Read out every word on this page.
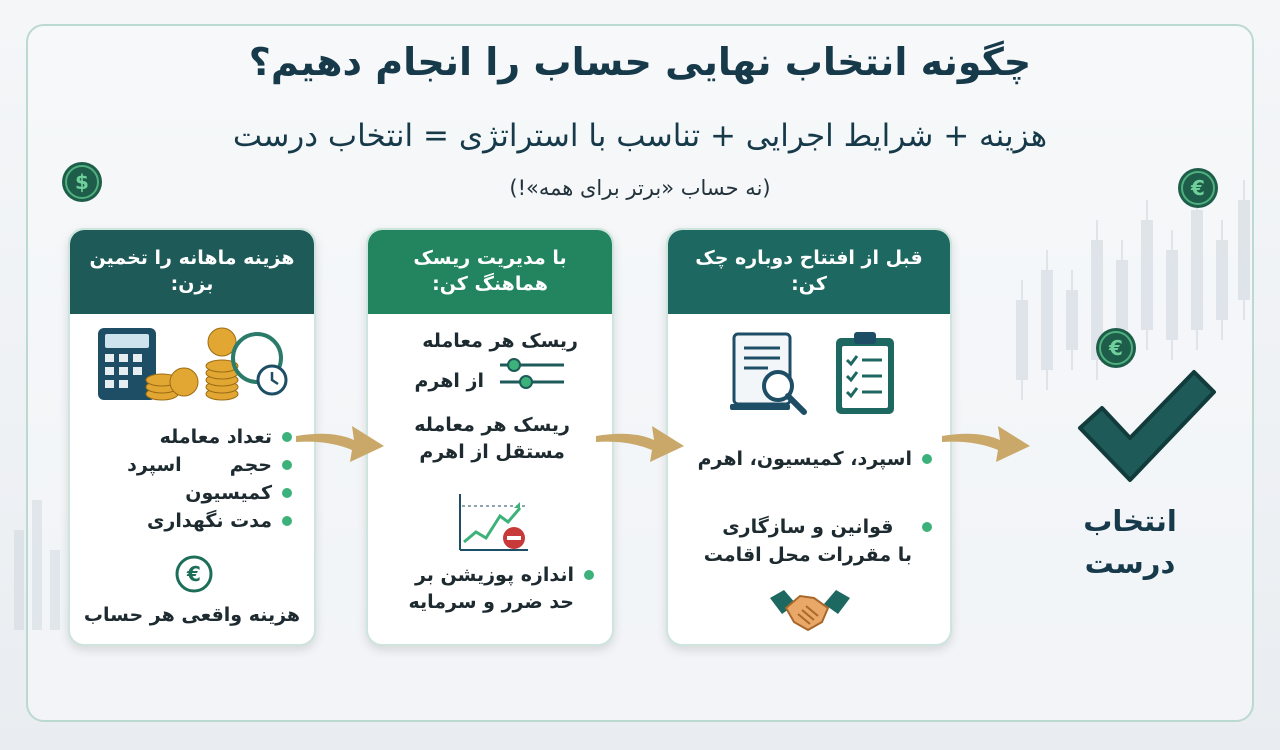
$	€
€
چگونه انتخاب نهایی حساب را انجام دهیم؟
هزینه + شرایط اجرایی + تناسب با استراتژی = انتخاب درست
(نه حساب «برتر برای همه»!)
هزینه ماهانه را تخمین بزن:
تعداد معامله
حجم
اسپرد
کمیسیون
مدت نگهداری
€
هزینه واقعی هر حساب
با مدیریت ریسک هماهنگ کن:
ریسک هر معامله
از اهرم
ریسک هر معامله
مستقل از اهرم
اندازه پوزیشن بر
حد ضرر و سرمایه
قبل از افتتاح دوباره چک کن:
اسپرد، کمیسیون، اهرم
قوانین و سازگاری
با مقررات محل اقامت
انتخاب
درست
